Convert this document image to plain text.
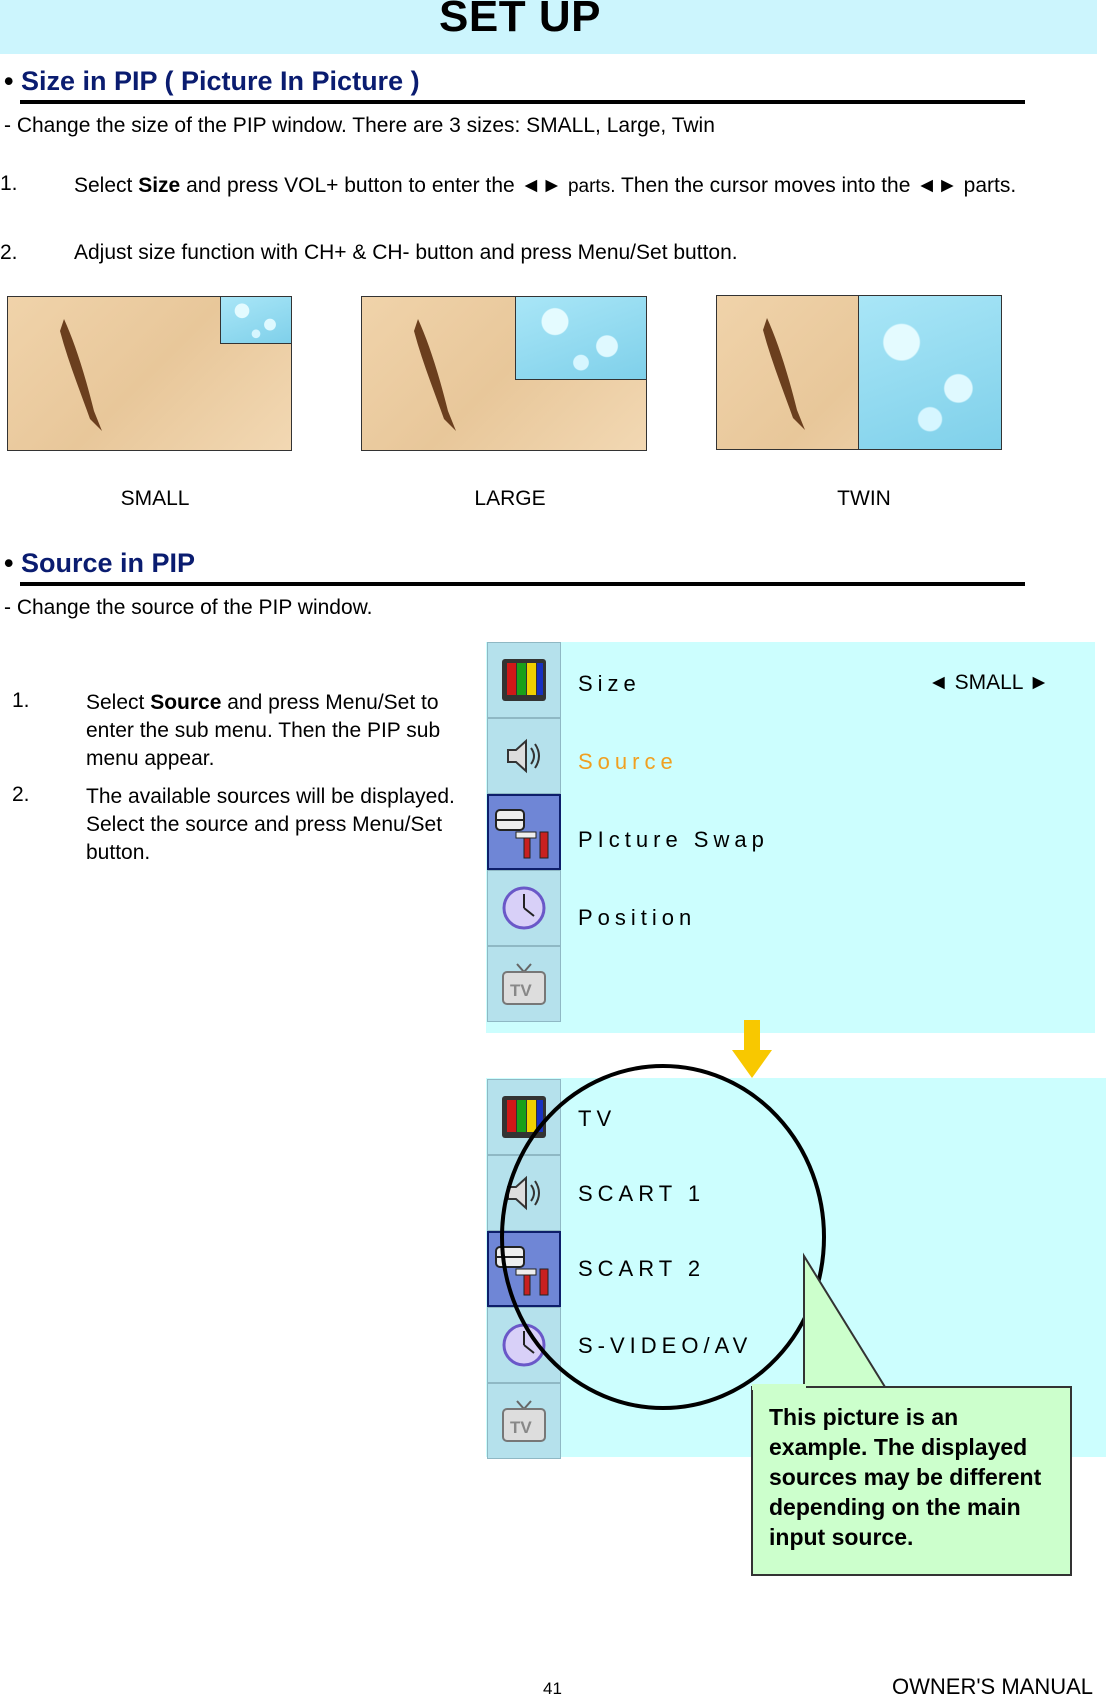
SET UP
• Size in PIP ( Picture In Picture )
- Change the size of the PIP window. There are 3 sizes: SMALL, Large, Twin
1.	Select Size and press VOL+ button to enter the ◄► parts. Then the cursor moves into the ◄► parts.
2.	Adjust size function with CH+ & CH- button and press Menu/Set button.
SMALL	LARGE	TWIN
• Source in PIP
- Change the source of the PIP window.
1.	Select Source and press Menu/Set to enter the sub menu. Then the PIP sub menu appear.
2.	The available sources will be displayed. Select the source and press Menu/Set button.
TV
Size	◄ SMALL ►
Source
PIcture Swap
Position
TV
TV
SCART 1
SCART 2
S-VIDEO/AV
This picture is an example. The displayed sources may be different depending on the main input source.
41	OWNER'S MANUAL
